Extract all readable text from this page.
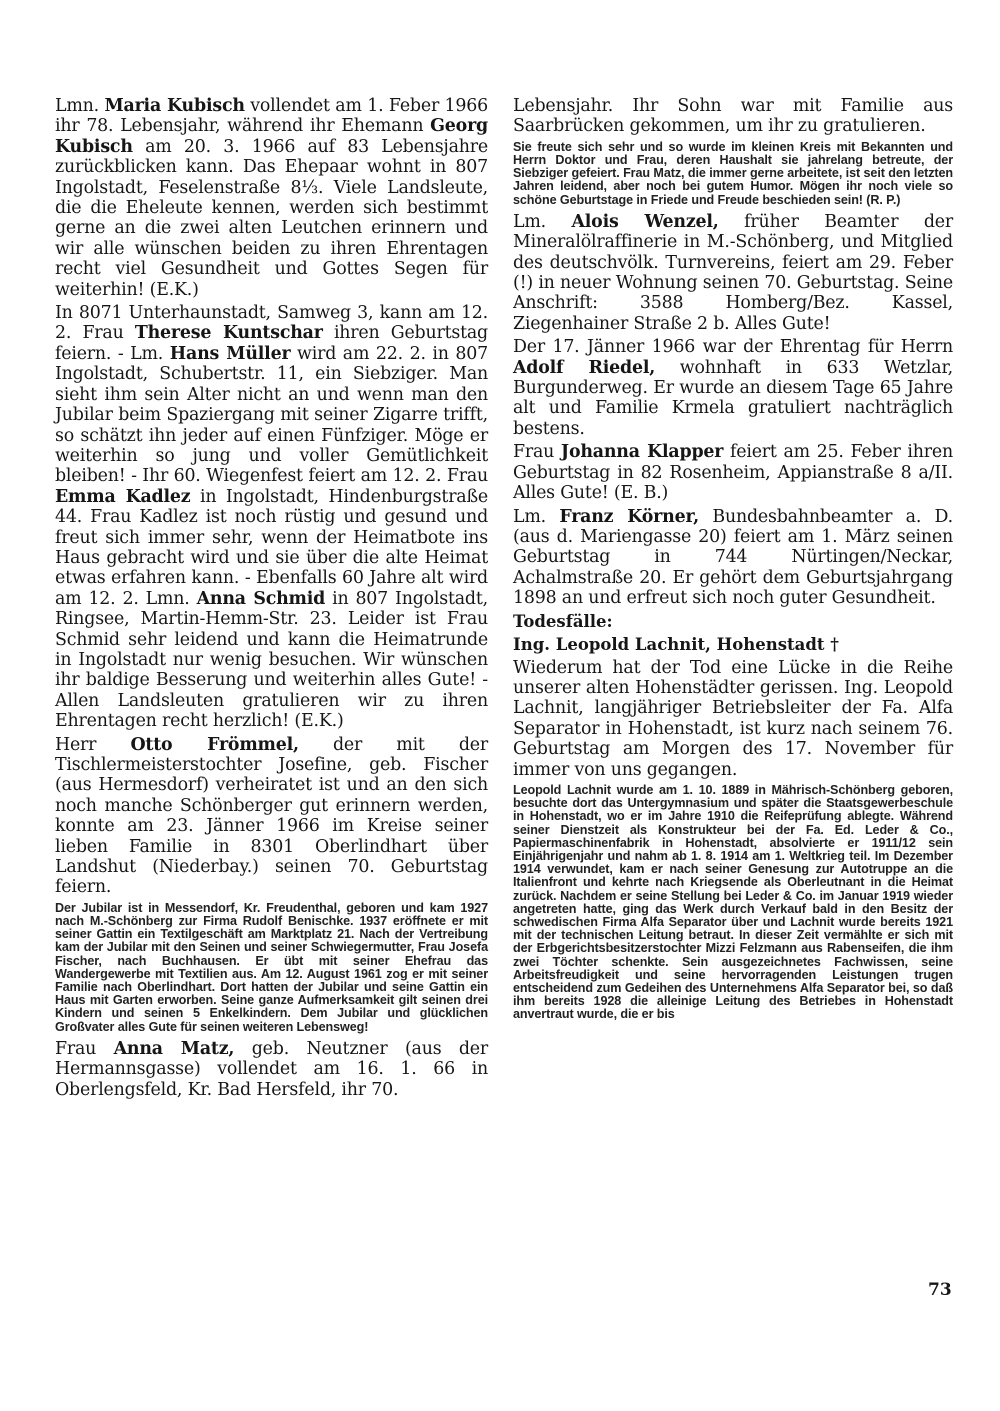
Lmn. Maria Kubisch vollendet am 1. Feber 1966 ihr 78. Lebensjahr, während ihr Ehemann Georg Kubisch am 20. 3. 1966 auf 83 Lebensjahre zurückblicken kann. Das Ehepaar wohnt in 807 Ingolstadt, Feselenstraße 8⅓. Viele Landsleute, die die Eheleute kennen, werden sich bestimmt gerne an die zwei alten Leutchen erinnern und wir alle wünschen beiden zu ihren Ehrentagen recht viel Gesundheit und Gottes Segen für weiterhin! (E.K.)

In 8071 Unterhaunstadt, Samweg 3, kann am 12. 2. Frau Therese Kuntschar ihren Geburtstag feiern. - Lm. Hans Müller wird am 22. 2. in 807 Ingolstadt, Schubertstr. 11, ein Siebziger. Man sieht ihm sein Alter nicht an und wenn man den Jubilar beim Spaziergang mit seiner Zigarre trifft, so schätzt ihn jeder auf einen Fünfziger. Möge er weiterhin so jung und voller Gemütlichkeit bleiben! - Ihr 60. Wiegenfest feiert am 12. 2. Frau Emma Kadlez in Ingolstadt, Hindenburgstraße 44. Frau Kadlez ist noch rüstig und gesund und freut sich immer sehr, wenn der Heimatbote ins Haus gebracht wird und sie über die alte Heimat etwas erfahren kann. - Ebenfalls 60 Jahre alt wird am 12. 2. Lmn. Anna Schmid in 807 Ingolstadt, Ringsee, Martin-Hemm-Str. 23. Leider ist Frau Schmid sehr leidend und kann die Heimatrunde in Ingolstadt nur wenig besuchen. Wir wünschen ihr baldige Besserung und weiterhin alles Gute! - Allen Landsleuten gratulieren wir zu ihren Ehrentagen recht herzlich! (E.K.)

Herr Otto Frömmel, der mit der Tischlermeisterstochter Josefine, geb. Fischer (aus Hermesdorf) verheiratet ist und an den sich noch manche Schönberger gut erinnern werden, konnte am 23. Jänner 1966 im Kreise seiner lieben Familie in 8301 Oberlindhart über Landshut (Niederbay.) seinen 70. Geburtstag feiern.

Der Jubilar ist in Messendorf, Kr. Freudenthal, geboren und kam 1927 nach M.-Schönberg zur Firma Rudolf Benischke. 1937 eröffnete er mit seiner Gattin ein Textilgeschäft am Marktplatz 21. Nach der Vertreibung kam der Jubilar mit den Seinen und seiner Schwiegermutter, Frau Josefa Fischer, nach Buchhausen. Er übt mit seiner Ehefrau das Wandergewerbe mit Textilien aus. Am 12. August 1961 zog er mit seiner Familie nach Oberlindhart. Dort hatten der Jubilar und seine Gattin ein Haus mit Garten erworben. Seine ganze Aufmerksamkeit gilt seinen drei Kindern und seinen 5 Enkelkindern. Dem Jubilar und glücklichen Großvater alles Gute für seinen weiteren Lebensweg!

Frau Anna Matz, geb. Neutzner (aus der Hermannsgasse) vollendet am 16. 1. 66 in Oberlengsfeld, Kr. Bad Hersfeld, ihr 70.

Lebensjahr. Ihr Sohn war mit Familie aus Saarbrücken gekommen, um ihr zu gratulieren.

Sie freute sich sehr und so wurde im kleinen Kreis mit Bekannten und Herrn Doktor und Frau, deren Haushalt sie jahrelang betreute, der Siebziger gefeiert. Frau Matz, die immer gerne arbeitete, ist seit den letzten Jahren leidend, aber noch bei gutem Humor. Mögen ihr noch viele so schöne Geburtstage in Friede und Freude beschieden sein! (R. P.)

Lm. Alois Wenzel, früher Beamter der Mineralölraffinerie in M.-Schönberg, und Mitglied des deutschvölk. Turnvereins, feiert am 29. Feber (!) in neuer Wohnung seinen 70. Geburtstag. Seine Anschrift: 3588 Homberg/Bez. Kassel, Ziegenhainer Straße 2 b. Alles Gute!

Der 17. Jänner 1966 war der Ehrentag für Herrn Adolf Riedel, wohnhaft in 633 Wetzlar, Burgunderweg. Er wurde an diesem Tage 65 Jahre alt und Familie Krmela gratuliert nachträglich bestens.

Frau Johanna Klapper feiert am 25. Feber ihren Geburtstag in 82 Rosenheim, Appianstraße 8 a/II. Alles Gute! (E. B.)

Lm. Franz Körner, Bundesbahnbeamter a. D. (aus d. Mariengasse 20) feiert am 1. März seinen Geburtstag in 744 Nürtingen/Neckar, Achalmstraße 20. Er gehört dem Geburtsjahrgang 1898 an und erfreut sich noch guter Gesundheit.

Todesfälle:

Ing. Leopold Lachnit, Hohenstadt †

Wiederum hat der Tod eine Lücke in die Reihe unserer alten Hohenstädter gerissen. Ing. Leopold Lachnit, langjähriger Betriebsleiter der Fa. Alfa Separator in Hohenstadt, ist kurz nach seinem 76. Geburtstag am Morgen des 17. November für immer von uns gegangen.

Leopold Lachnit wurde am 1. 10. 1889 in Mährisch-Schönberg geboren, besuchte dort das Untergymnasium und später die Staatsgewerbeschule in Hohenstadt, wo er im Jahre 1910 die Reifeprüfung ablegte. Während seiner Dienstzeit als Konstrukteur bei der Fa. Ed. Leder & Co., Papiermaschinenfabrik in Hohenstadt, absolvierte er 1911/12 sein Einjährigenjahr und nahm ab 1. 8. 1914 am 1. Weltkrieg teil. Im Dezember 1914 verwundet, kam er nach seiner Genesung zur Autotruppe an die Italienfront und kehrte nach Kriegsende als Oberleutnant in die Heimat zurück. Nachdem er seine Stellung bei Leder & Co. im Januar 1919 wieder angetreten hatte, ging das Werk durch Verkauf bald in den Besitz der schwedischen Firma Alfa Separator über und Lachnit wurde bereits 1921 mit der technischen Leitung betraut. In dieser Zeit vermählte er sich mit der Erbgerichtsbesitzerstochter Mizzi Felzmann aus Rabenseifen, die ihm zwei Töchter schenkte. Sein ausgezeichnetes Fachwissen, seine Arbeitsfreudigkeit und seine hervorragenden Leistungen trugen entscheidend zum Gedeihen des Unternehmens Alfa Separator bei, so daß ihm bereits 1928 die alleinige Leitung des Betriebes in Hohenstadt anvertraut wurde, die er bis

73
